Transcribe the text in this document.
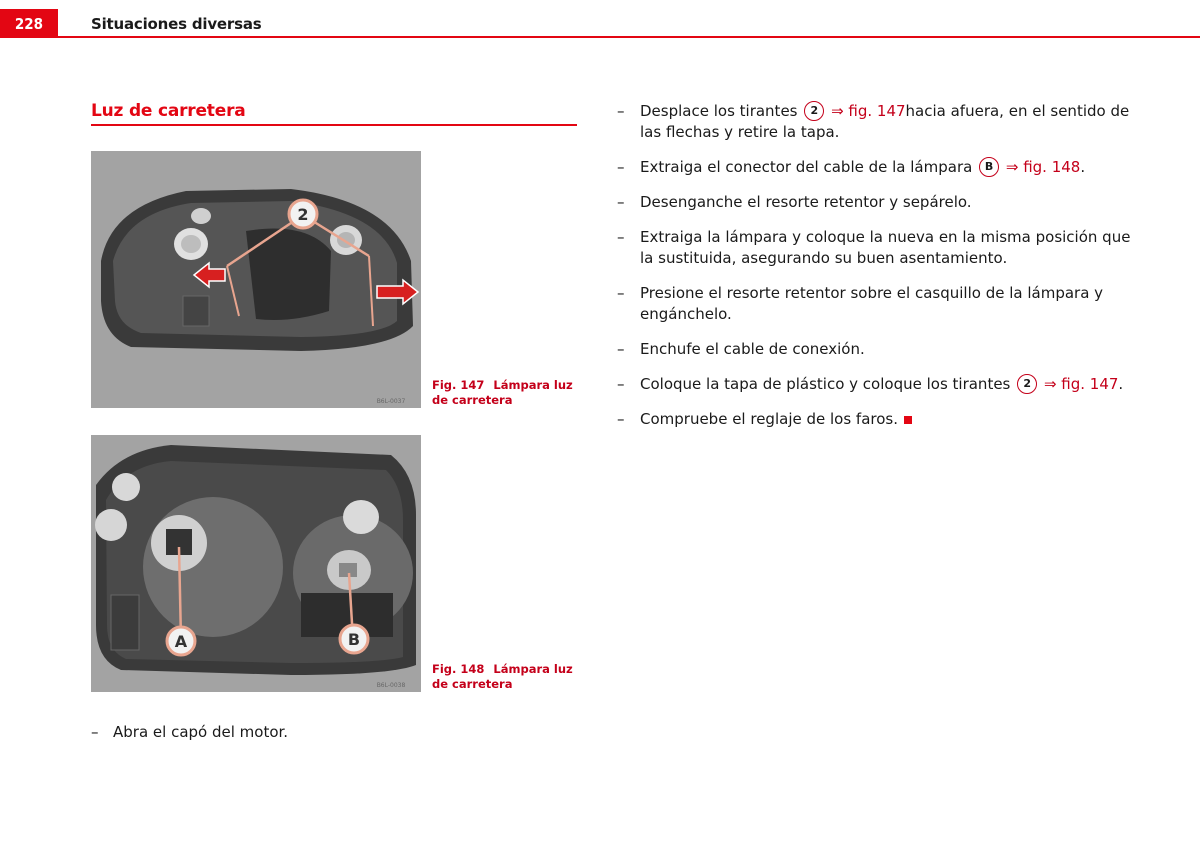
228	Situaciones diversas
Luz de carretera
2
B6L-0037
Fig. 147 Lámpara luz de carretera
A	B
B6L-0038
Fig. 148 Lámpara luz de carretera
– Abra el capó del motor.
–	Desplace los tirantes 2 ⇒ fig. 147hacia afuera, en el sentido de las flechas y retire la tapa.
–	Extraiga el conector del cable de la lámpara B ⇒ fig. 148.
–	Desenganche el resorte retentor y sepárelo.
–	Extraiga la lámpara y coloque la nueva en la misma posición que la sustituida, asegurando su buen asentamiento.
–	Presione el resorte retentor sobre el casquillo de la lámpara y engánchelo.
–	Enchufe el cable de conexión.
–	Coloque la tapa de plástico y coloque los tirantes 2 ⇒ fig. 147.
–	Compruebe el reglaje de los faros.
